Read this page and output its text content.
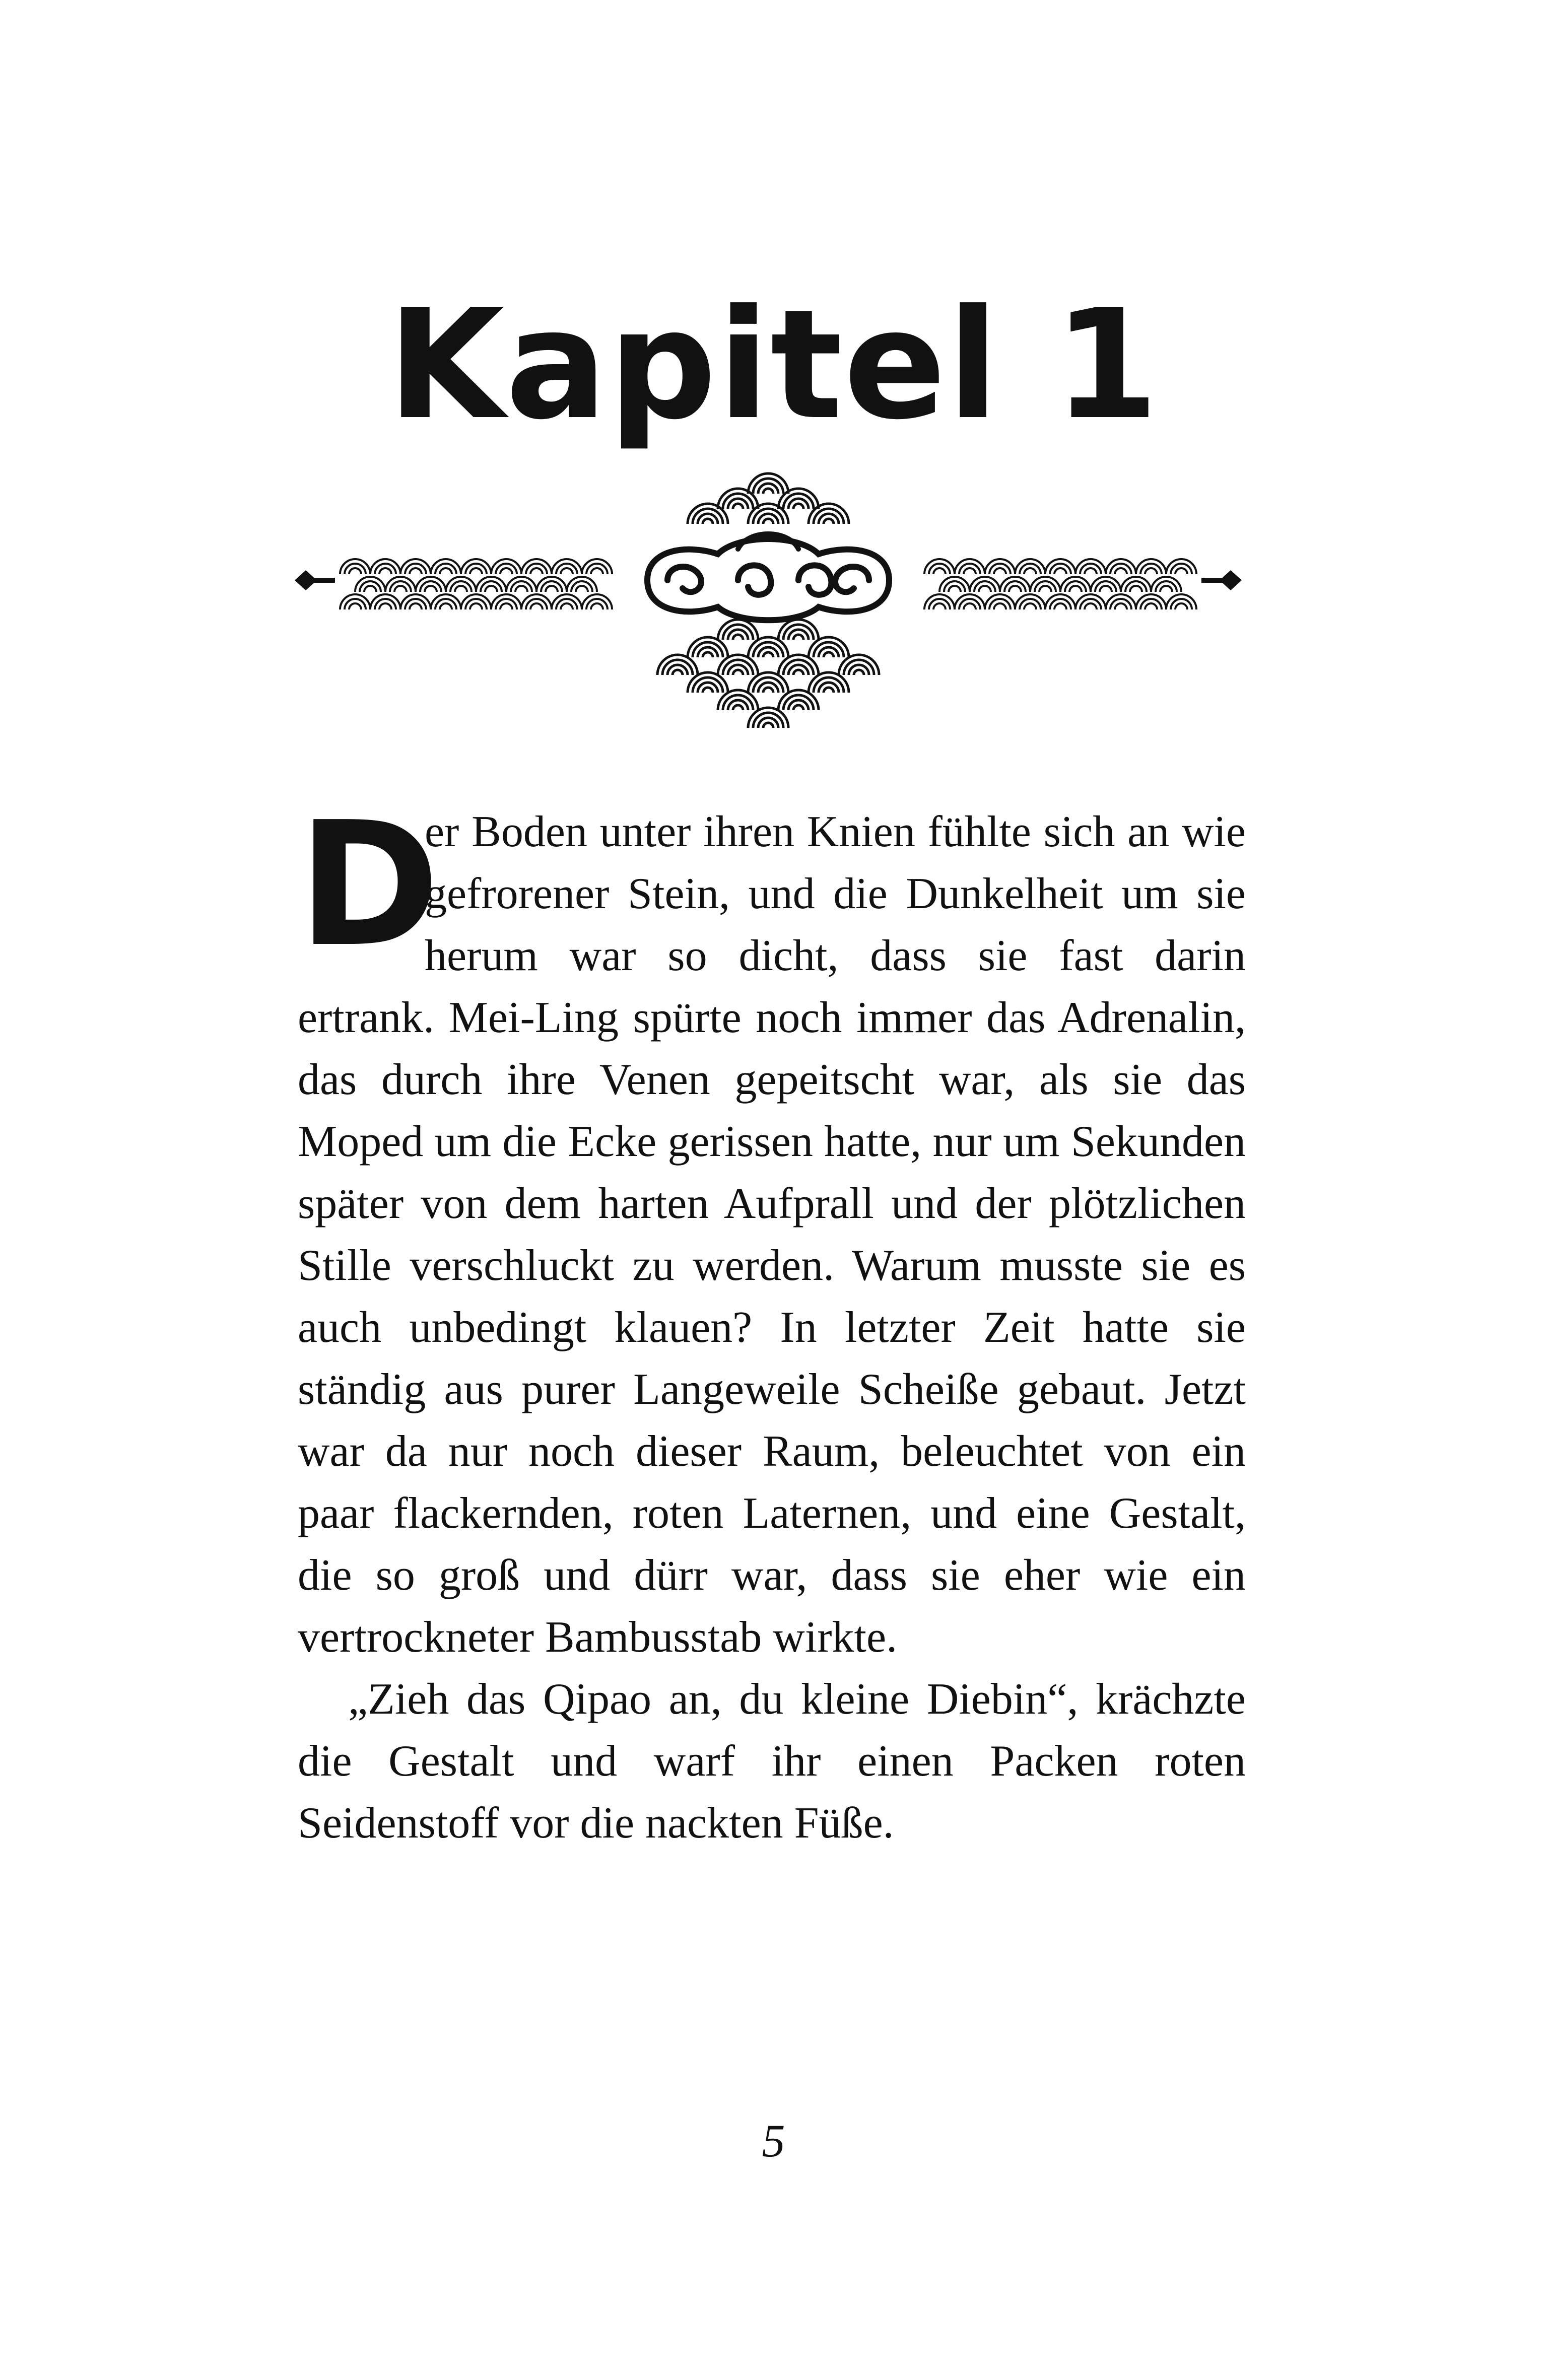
Kapitel 1

D
er Boden unter ihren Knien fühlte sich an wie gefrorener Stein, und die Dunkelheit um sie herum war so dicht, dass sie fast darin ertrank. Mei-Ling spürte noch immer das Adrenalin, das durch ihre Venen gepeitscht war, als sie das Moped um die Ecke gerissen hatte, nur um Sekunden später von dem harten Aufprall und der plötzlichen Stille verschluckt zu werden. Warum musste sie es auch unbedingt klauen? In letzter Zeit hatte sie ständig aus purer Langeweile Scheiße gebaut. Jetzt war da nur noch dieser Raum, beleuchtet von ein paar flackernden, roten Laternen, und eine Gestalt, die so groß und dürr war, dass sie eher wie ein vertrockneter Bambusstab wirkte.

„Zieh das Qipao an, du kleine Diebin“, krächzte die Gestalt und warf ihr einen Packen roten Seidenstoff vor die nackten Füße.

5
